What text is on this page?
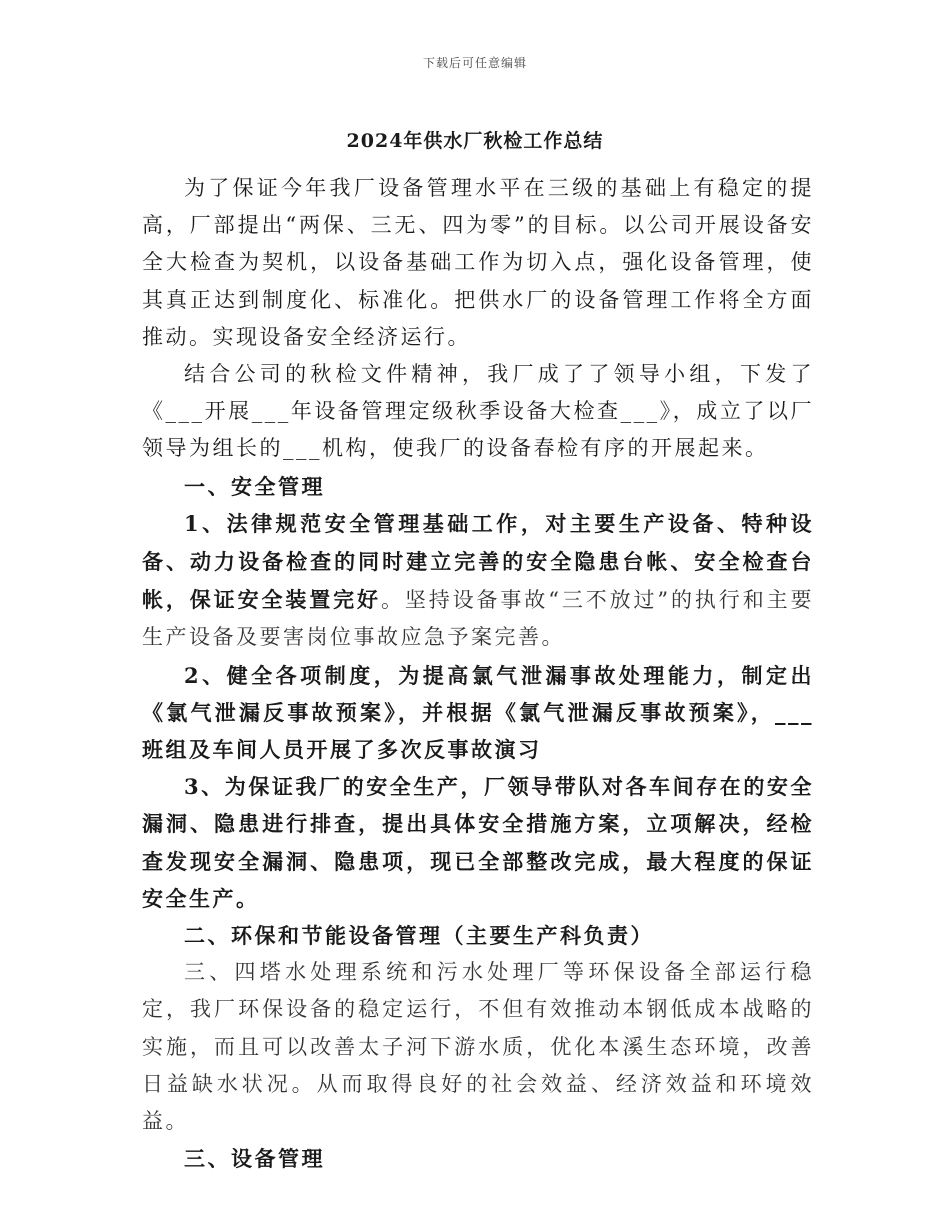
下载后可任意编辑
2024年供水厂秋检工作总结

为了保证今年我厂设备管理水平在三级的基础上有稳定的提高，厂部提出“两保、三无、四为零”的目标。以公司开展设备安全大检查为契机，以设备基础工作为切入点，强化设备管理，使其真正达到制度化、标准化。把供水厂的设备管理工作将全方面推动。实现设备安全经济运行。

结合公司的秋检文件精神，我厂成了了领导小组，下发了《___开展___年设备管理定级秋季设备大检查___》，成立了以厂领导为组长的___机构，使我厂的设备春检有序的开展起来。

一、安全管理

1、法律规范安全管理基础工作，对主要生产设备、特种设备、动力设备检查的同时建立完善的安全隐患台帐、安全检查台帐，保证安全装置完好。坚持设备事故“三不放过”的执行和主要生产设备及要害岗位事故应急予案完善。

2、健全各项制度，为提高氯气泄漏事故处理能力，制定出《氯气泄漏反事故预案》，并根据《氯气泄漏反事故预案》，___班组及车间人员开展了多次反事故演习

3、为保证我厂的安全生产，厂领导带队对各车间存在的安全漏洞、隐患进行排查，提出具体安全措施方案，立项解决，经检查发现安全漏洞、隐患项，现已全部整改完成，最大程度的保证安全生产。

二、环保和节能设备管理（主要生产科负责）

三、四塔水处理系统和污水处理厂等环保设备全部运行稳定，我厂环保设备的稳定运行，不但有效推动本钢低成本战略的实施，而且可以改善太子河下游水质，优化本溪生态环境，改善日益缺水状况。从而取得良好的社会效益、经济效益和环境效益。

三、设备管理
